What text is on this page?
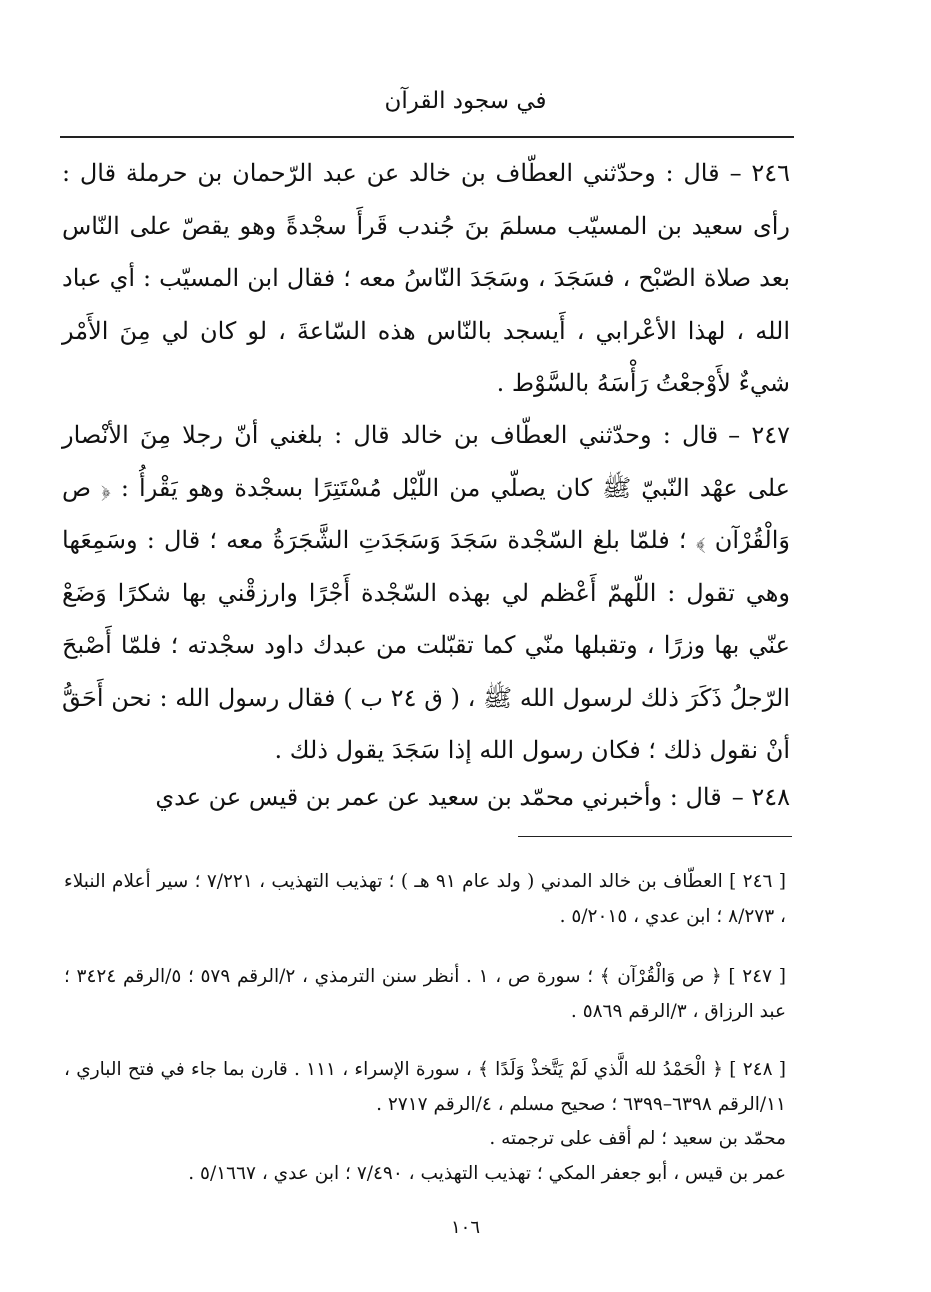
في سجود القرآن

٢٤٦ –قال : وحدّثني العطّاف بن خالد عن عبد الرّحمان بن حرملة قال : رأى سعيد بن المسيّب مسلمَ بنَ جُندب قَرأَ سجْدةً وهو يقصّ على النّاس بعد صلاة الصّبْح ، فسَجَدَ ، وسَجَدَ النّاسُ معه ؛ فقال ابن المسيّب : أي عباد الله ، لهذا الأعْرابي ، أَيسجد بالنّاس هذه السّاعةَ ، لو كان لي مِنَ الأَمْر شيءٌ لأَوْجعْتُ رَأْسَهُ بالسَّوْط .

٢٤٧ –قال : وحدّثني العطّاف بن خالد قال : بلغني أنّ رجلا مِنَ الأنْصار على عهْد النّبيّ ﷺ كان يصلّي من اللّيْل مُسْتَتِرًا بسجْدة وهو يَقْرأُ : ﴿ ص وَالْقُرْآن ﴾ ؛ فلمّا بلغ السّجْدة سَجَدَ وَسَجَدَتِ الشَّجَرَةُ معه ؛ قال : وسَمِعَها وهي تقول : اللّهمّ أَعْظم لي بهذه السّجْدة أَجْرًا وارزقْني بها شكرًا وَضَعْ عنّي بها وزرًا ، وتقبلها منّي كما تقبّلت من عبدك داود سجْدته ؛ فلمّا أَصْبحَ الرّجلُ ذَكَرَ ذلك لرسول الله ﷺ ، ( ق ٢٤ ب ) فقال رسول الله : نحن أَحَقُّ أنْ نقول ذلك ؛ فكان رسول الله إذا سَجَدَ يقول ذلك .

٢٤٨ –قال : وأخبرني محمّد بن سعيد عن عمر بن قيس عن عدي

[ ٢٤٦ ] العطّاف بن خالد المدني ( ولد عام ٩١ هـ ) ؛ تهذيب التهذيب ، ٧/٢٢١ ؛ سير أعلام النبلاء ، ٨/٢٧٣ ؛ ابن عدي ، ٥/٢٠١٥ .

[ ٢٤٧ ] ﴿ ص وَالْقُرْآن ﴾ ؛ سورة ص ، ١ . أنظر سنن الترمذي ، ٢/الرقم ٥٧٩ ؛ ٥/الرقم ٣٤٢٤ ؛ عبد الرزاق ، ٣/الرقم ٥٨٦٩ .

[ ٢٤٨ ] ﴿ الْحَمْدُ لله الَّذي لَمْ يَتَّخذْ وَلَدًا ﴾ ، سورة الإسراء ، ١١١ . قارن بما جاء في فتح الباري ، ١١/الرقم ٦٣٩٨–٦٣٩٩ ؛ صحيح مسلم ، ٤/الرقم ٢٧١٧ .

محمّد بن سعيد ؛ لم أقف على ترجمته .

عمر بن قيس ، أبو جعفر المكي ؛ تهذيب التهذيب ، ٧/٤٩٠ ؛ ابن عدي ، ٥/١٦٦٧ .

١٠٦
